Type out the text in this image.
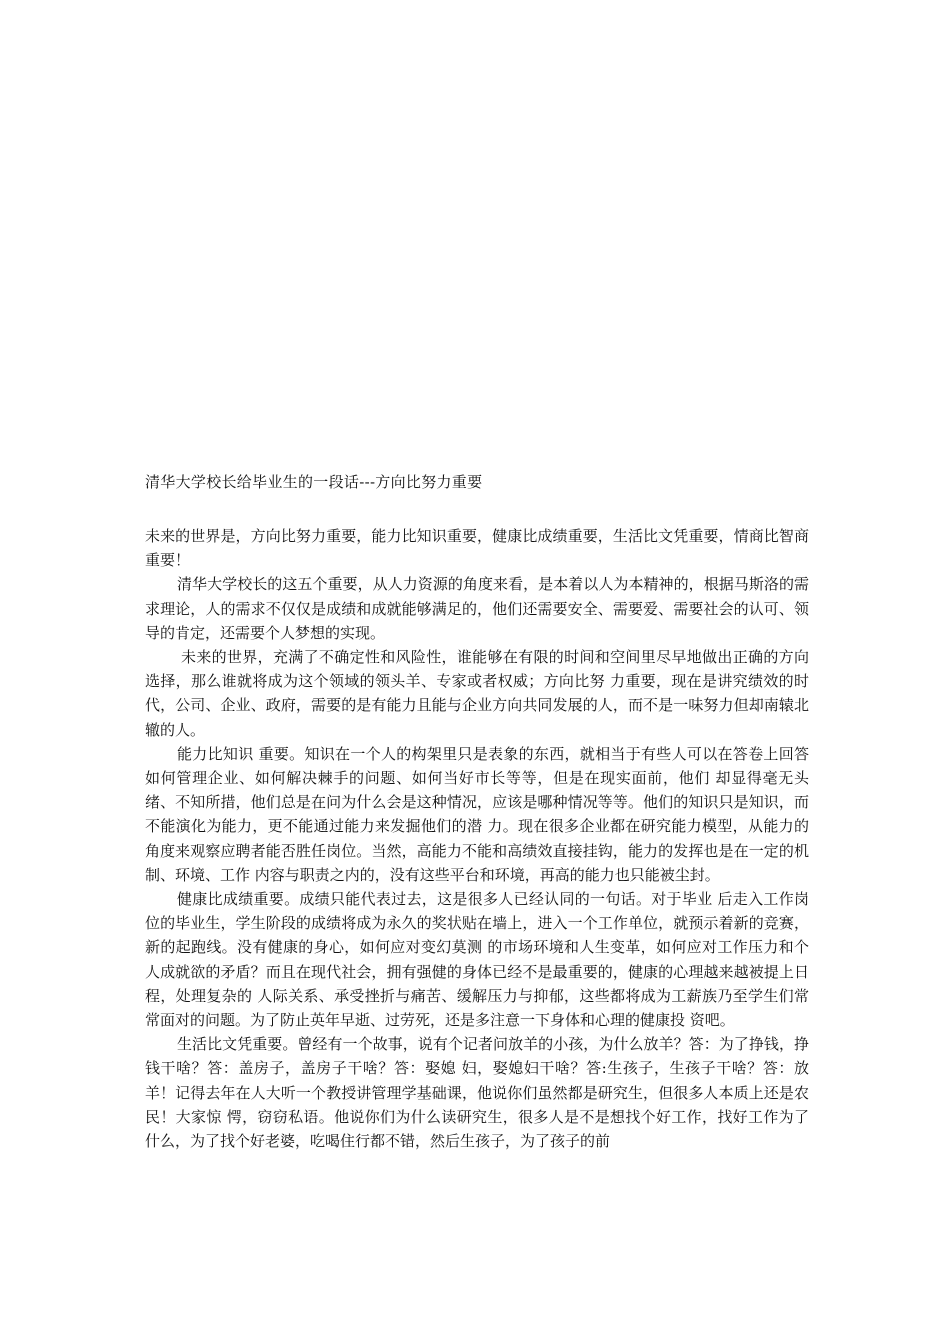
清华大学校长给毕业生的一段话---方向比努力重要

未来的世界是，方向比努力重要，能力比知识重要，健康比成绩重要，生活比文凭重要，情商比智商重要！

清华大学校长的这五个重要，从人力资源的角度来看，是本着以人为本精神的，根据马斯洛的需求理论，人的需求不仅仅是成绩和成就能够满足的，他们还需要安全、需要爱、需要社会的认可、领导的肯定，还需要个人梦想的实现。

未来的世界，充满了不确定性和风险性，谁能够在有限的时间和空间里尽早地做出正确的方向选择，那么谁就将成为这个领域的领头羊、专家或者权威；方向比努 力重要，现在是讲究绩效的时代，公司、企业、政府，需要的是有能力且能与企业方向共同发展的人，而不是一味努力但却南辕北辙的人。

能力比知识 重要。知识在一个人的构架里只是表象的东西，就相当于有些人可以在答卷上回答如何管理企业、如何解决棘手的问题、如何当好市长等等，但是在现实面前，他们 却显得毫无头绪、不知所措，他们总是在问为什么会是这种情况，应该是哪种情况等等。他们的知识只是知识，而不能演化为能力，更不能通过能力来发掘他们的潜 力。现在很多企业都在研究能力模型，从能力的角度来观察应聘者能否胜任岗位。当然，高能力不能和高绩效直接挂钩，能力的发挥也是在一定的机制、环境、工作 内容与职责之内的，没有这些平台和环境，再高的能力也只能被尘封。

健康比成绩重要。成绩只能代表过去，这是很多人已经认同的一句话。对于毕业 后走入工作岗位的毕业生，学生阶段的成绩将成为永久的奖状贴在墙上，进入一个工作单位，就预示着新的竞赛，新的起跑线。没有健康的身心，如何应对变幻莫测 的市场环境和人生变革，如何应对工作压力和个人成就欲的矛盾？而且在现代社会，拥有强健的身体已经不是最重要的，健康的心理越来越被提上日程，处理复杂的 人际关系、承受挫折与痛苦、缓解压力与抑郁，这些都将成为工薪族乃至学生们常常面对的问题。为了防止英年早逝、过劳死，还是多注意一下身体和心理的健康投 资吧。

生活比文凭重要。曾经有一个故事，说有个记者问放羊的小孩，为什么放羊？答：为了挣钱，挣钱干啥？答：盖房子，盖房子干啥？答：娶媳 妇，娶媳妇干啥？答:生孩子，生孩子干啥？答：放羊！记得去年在人大听一个教授讲管理学基础课，他说你们虽然都是研究生，但很多人本质上还是农民！大家惊 愕，窃窃私语。他说你们为什么读研究生，很多人是不是想找个好工作，找好工作为了什么，为了找个好老婆，吃喝住行都不错，然后生孩子，为了孩子的前
